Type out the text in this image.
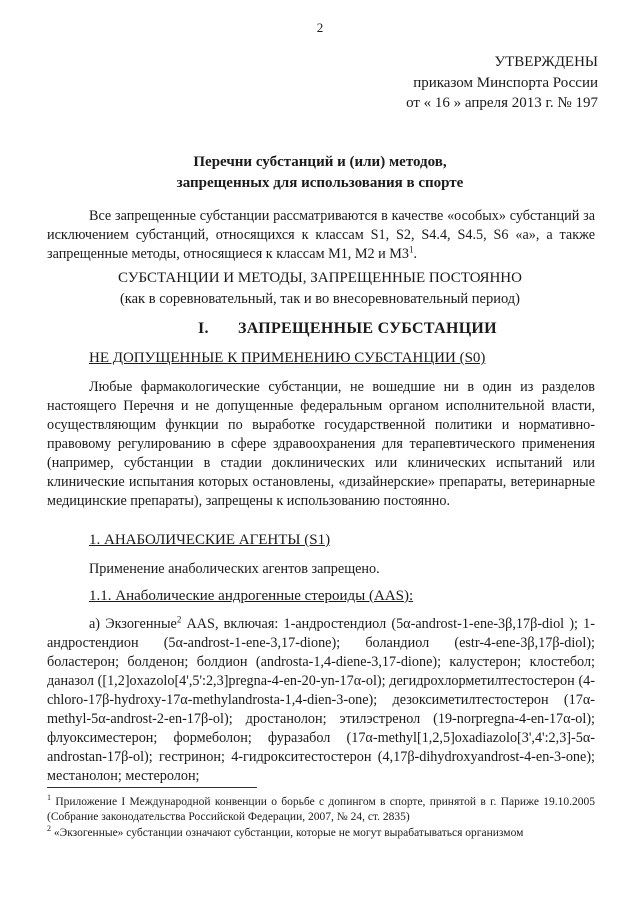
2
УТВЕРЖДЕНЫ
приказом Минспорта России
от « 16 » апреля 2013 г. № 197
Перечни субстанций и (или) методов,
запрещенных для использования в спорте

Все запрещенные субстанции рассматриваются в качестве «особых» субстанций за исключением субстанций, относящихся к классам S1, S2, S4.4, S4.5, S6 «а», а также запрещенные методы, относящиеся к классам М1, М2 и $М3^1$.

СУБСТАНЦИИ И МЕТОДЫ, ЗАПРЕЩЕННЫЕ ПОСТОЯННО
(как в соревновательный, так и во внесоревновательный период)
I. ЗАПРЕЩЕННЫЕ СУБСТАНЦИИ
НЕ ДОПУЩЕННЫЕ К ПРИМЕНЕНИЮ СУБСТАНЦИИ (S0)

Любые фармакологические субстанции, не вошедшие ни в один из разделов настоящего Перечня и не допущенные федеральным органом исполнительной власти, осуществляющим функции по выработке государственной политики и нормативно-правовому регулированию в сфере здравоохранения для терапевтического применения (например, субстанции в стадии доклинических или клинических испытаний или клинические испытания которых остановлены, «дизайнерские» препараты, ветеринарные медицинские препараты), запрещены к использованию постоянно.

1. АНАБОЛИЧЕСКИЕ АГЕНТЫ (S1)
Применение анаболических агентов запрещено.
1.1. Анаболические андрогенные стероиды (AAS):

а) Экзогенные$^2$ AAS, включая: 1-андростендиол (5α-androst-1-ene-3β,17β-diol ); 1-андростендион (5α-androst-1-ene-3,17-dione); боландиол (estr-4-ene-3β,17β-diol); боластерон; болденон; болдион (androsta-1,4-diene-3,17-dione); калустерон; клостебол; даназол ([1,2]oxazolo[4',5':2,3]pregna-4-en-20-yn-17α-ol); дегидрохлорметилтестостерон (4-chloro-17β-hydroxy-17α-methylandrosta-1,4-dien-3-one); дезоксиметилтестостерон (17α-methyl-5α-androst-2-en-17β-ol); дростанолон; этилэстренол (19-norpregna-4-en-17α-ol); флуоксиместерон; формеболон; фуразабол (17α-methyl[1,2,5]oxadiazolo[3',4':2,3]-5α-androstan-17β-ol); гестринон; 4-гидрокситестостерон (4,17β-dihydroxyandrost-4-en-3-one); местанолон; местеролон;

$^1$ Приложение I Международной конвенции о борьбе с допингом в спорте, принятой в г. Париже 19.10.2005 (Собрание законодательства Российской Федерации, 2007, № 24, ст. 2835)

$^2$ «Экзогенные» субстанции означают субстанции, которые не могут вырабатываться организмом
